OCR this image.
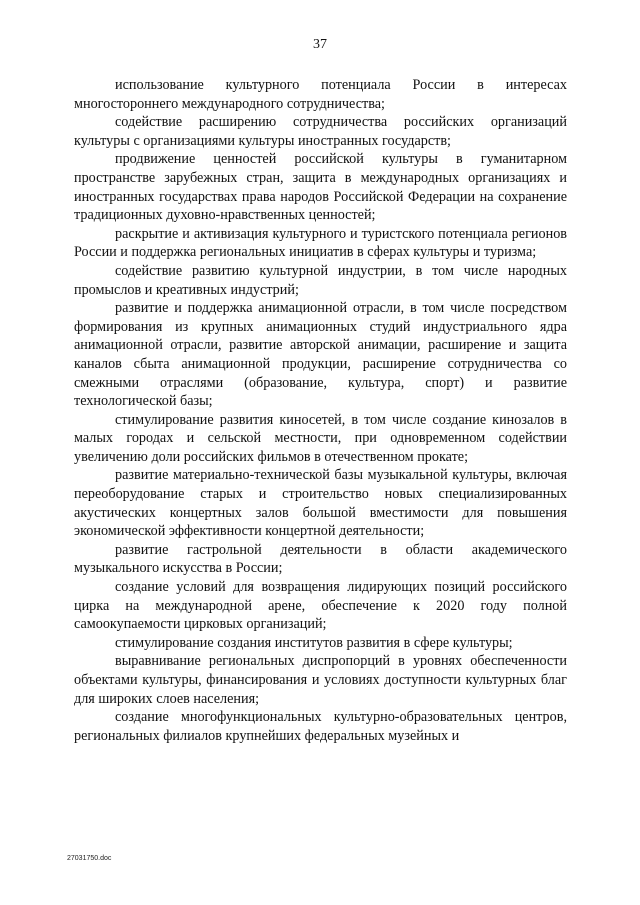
37

использование культурного потенциала России в интересах многостороннего международного сотрудничества;

содействие расширению сотрудничества российских организаций культуры с организациями культуры иностранных государств;

продвижение ценностей российской культуры в гуманитарном пространстве зарубежных стран, защита в международных организациях и иностранных государствах права народов Российской Федерации на сохранение традиционных духовно-нравственных ценностей;

раскрытие и активизация культурного и туристского потенциала регионов России и поддержка региональных инициатив в сферах культуры и туризма;

содействие развитию культурной индустрии, в том числе народных промыслов и креативных индустрий;

развитие и поддержка анимационной отрасли, в том числе посредством формирования из крупных анимационных студий индустриального ядра анимационной отрасли, развитие авторской анимации, расширение и защита каналов сбыта анимационной продукции, расширение сотрудничества со смежными отраслями (образование, культура, спорт) и развитие технологической базы;

стимулирование развития киносетей, в том числе создание кинозалов в малых городах и сельской местности, при одновременном содействии увеличению доли российских фильмов в отечественном прокате;

развитие материально-технической базы музыкальной культуры, включая переоборудование старых и строительство новых специализированных акустических концертных залов большой вместимости для повышения экономической эффективности концертной деятельности;

развитие гастрольной деятельности в области академического музыкального искусства в России;

создание условий для возвращения лидирующих позиций российского цирка на международной арене, обеспечение к 2020 году полной самоокупаемости цирковых организаций;

стимулирование создания институтов развития в сфере культуры;

выравнивание региональных диспропорций в уровнях обеспеченности объектами культуры, финансирования и условиях доступности культурных благ для широких слоев населения;

создание многофункциональных культурно-образовательных центров, региональных филиалов крупнейших федеральных музейных и

27031750.doc
